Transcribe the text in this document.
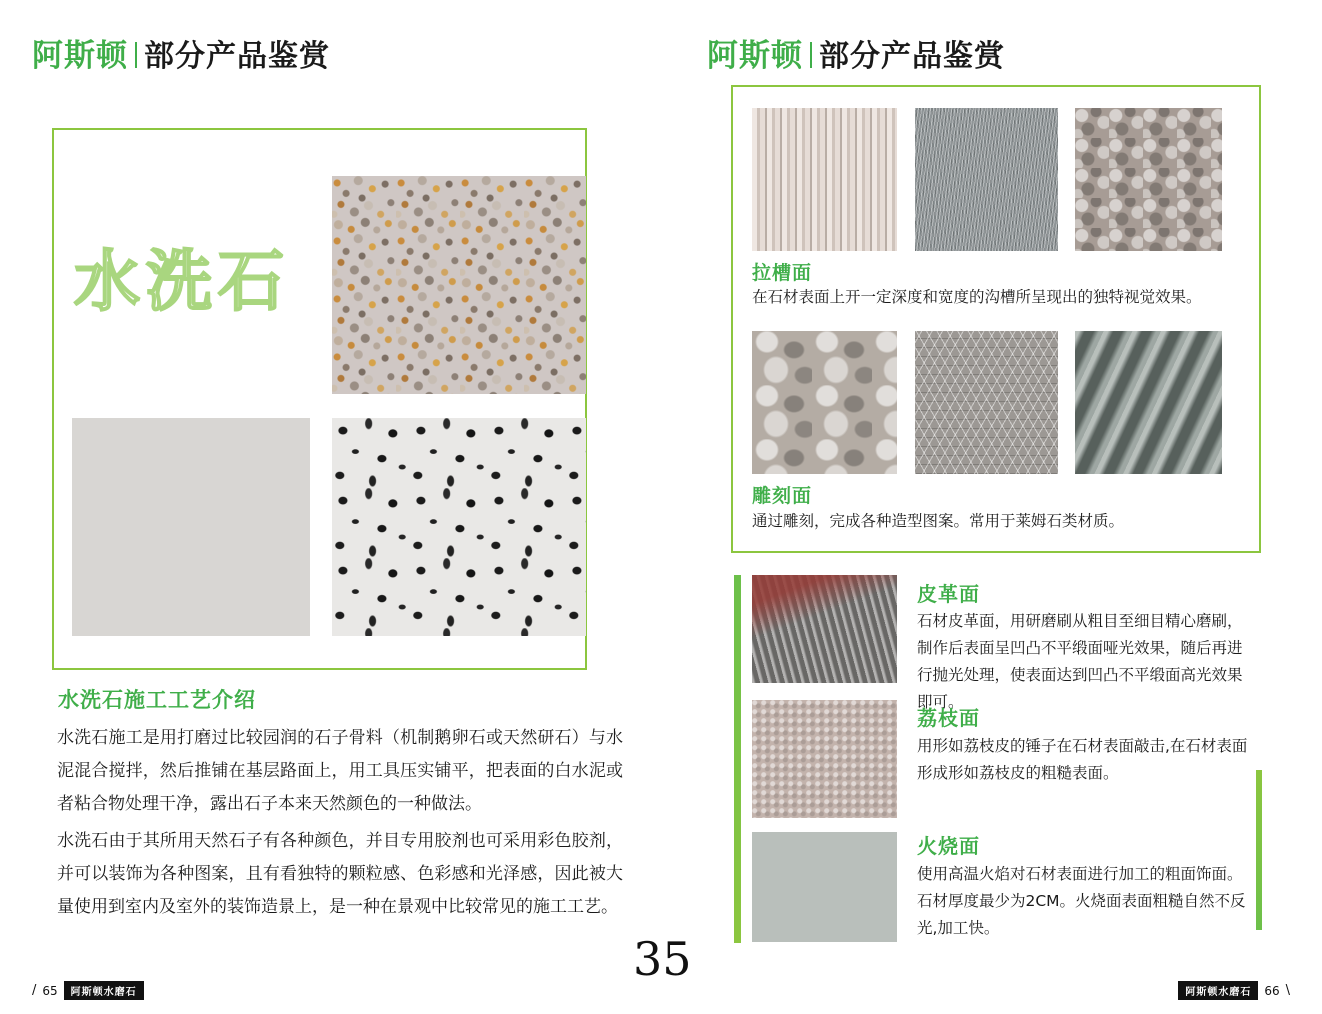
阿斯顿 部分产品鉴赏
水洗石
水洗石施工工艺介绍
水洗石施工是用打磨过比较园润的石子骨料（机制鹅卵石或天然研石）与水泥混合搅拌，然后推铺在基层路面上，用工具压实铺平，把表面的白水泥或者粘合物处理干净，露出石子本来天然颜色的一种做法。
水洗石由于其所用天然石子有各种颜色，并目专用胶剂也可采用彩色胶剂，并可以装饰为各种图案，且有看独特的颗粒感、色彩感和光泽感，因此被大量使用到室内及室外的装饰造景上，是一种在景观中比较常见的施工工艺。
/ 65	阿斯顿水磨石
阿斯顿 部分产品鉴赏
拉槽面
在石材表面上开一定深度和宽度的沟槽所呈现出的独特视觉效果。
雕刻面
通过雕刻，完成各种造型图案。常用于莱姆石类材质。
皮革面
石材皮革面，用研磨刷从粗目至细目精心磨刷，制作后表面呈凹凸不平缎面哑光效果，随后再进行抛光处理，使表面达到凹凸不平缎面高光效果即可。
荔枝面
用形如荔枝皮的锤子在石材表面敲击,在石材表面形成形如荔枝皮的粗糙表面。
火烧面
使用高温火焰对石材表面进行加工的粗面饰面。石材厚度最少为2CM。火烧面表面粗糙自然不反光,加工快。
35
阿斯顿水磨石	66 \
